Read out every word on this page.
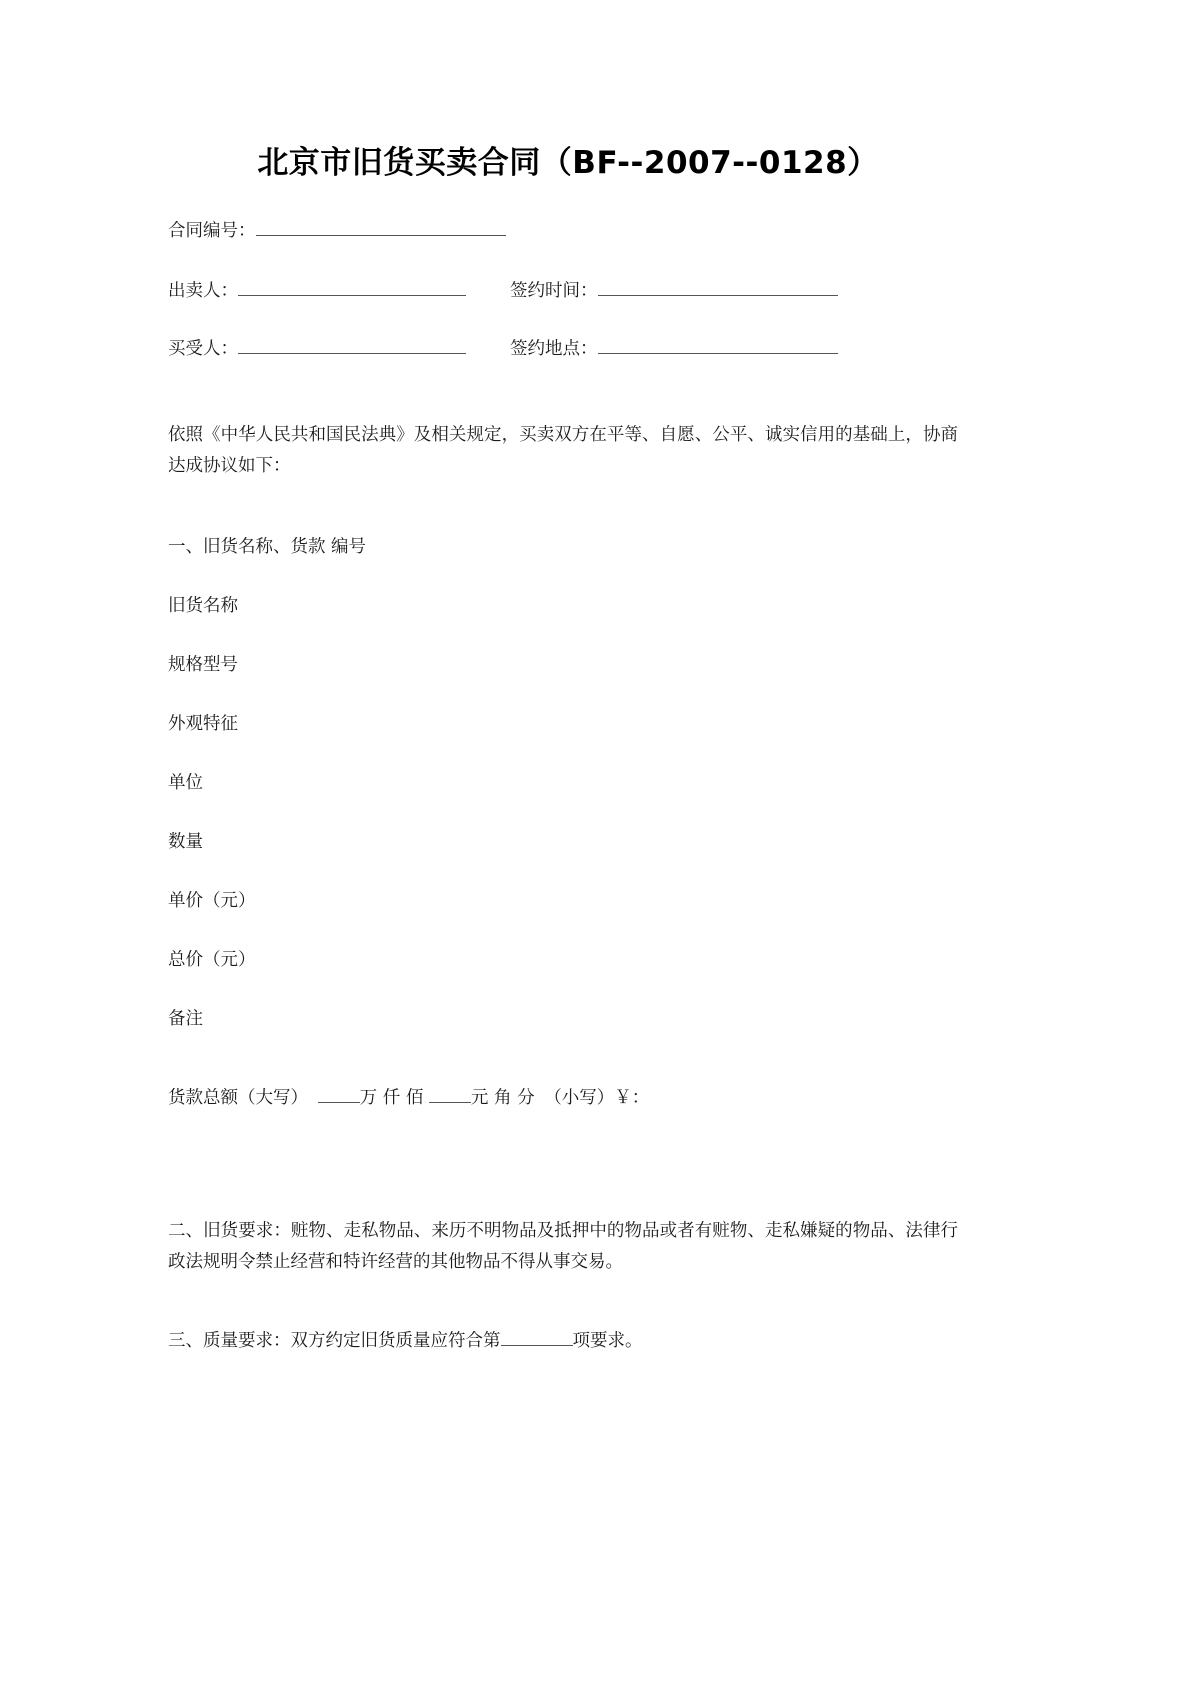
北京市旧货买卖合同（BF--2007--0128）
合同编号：
出卖人：	签约时间：
买受人：	签约地点：
依照《中华人民共和国民法典》及相关规定，买卖双方在平等、自愿、公平、诚实信用的基础上，协商达成协议如下：
一、旧货名称、货款 编号
旧货名称
规格型号
外观特征
单位
数量
单价（元）
总价（元）
备注
货款总额（大写）	万 仟 佰	元 角 分 （小写）￥：
二、旧货要求：赃物、走私物品、来历不明物品及抵押中的物品或者有赃物、走私嫌疑的物品、法律行政法规明令禁止经营和特许经营的其他物品不得从事交易。
三、质量要求：双方约定旧货质量应符合第	项要求。
